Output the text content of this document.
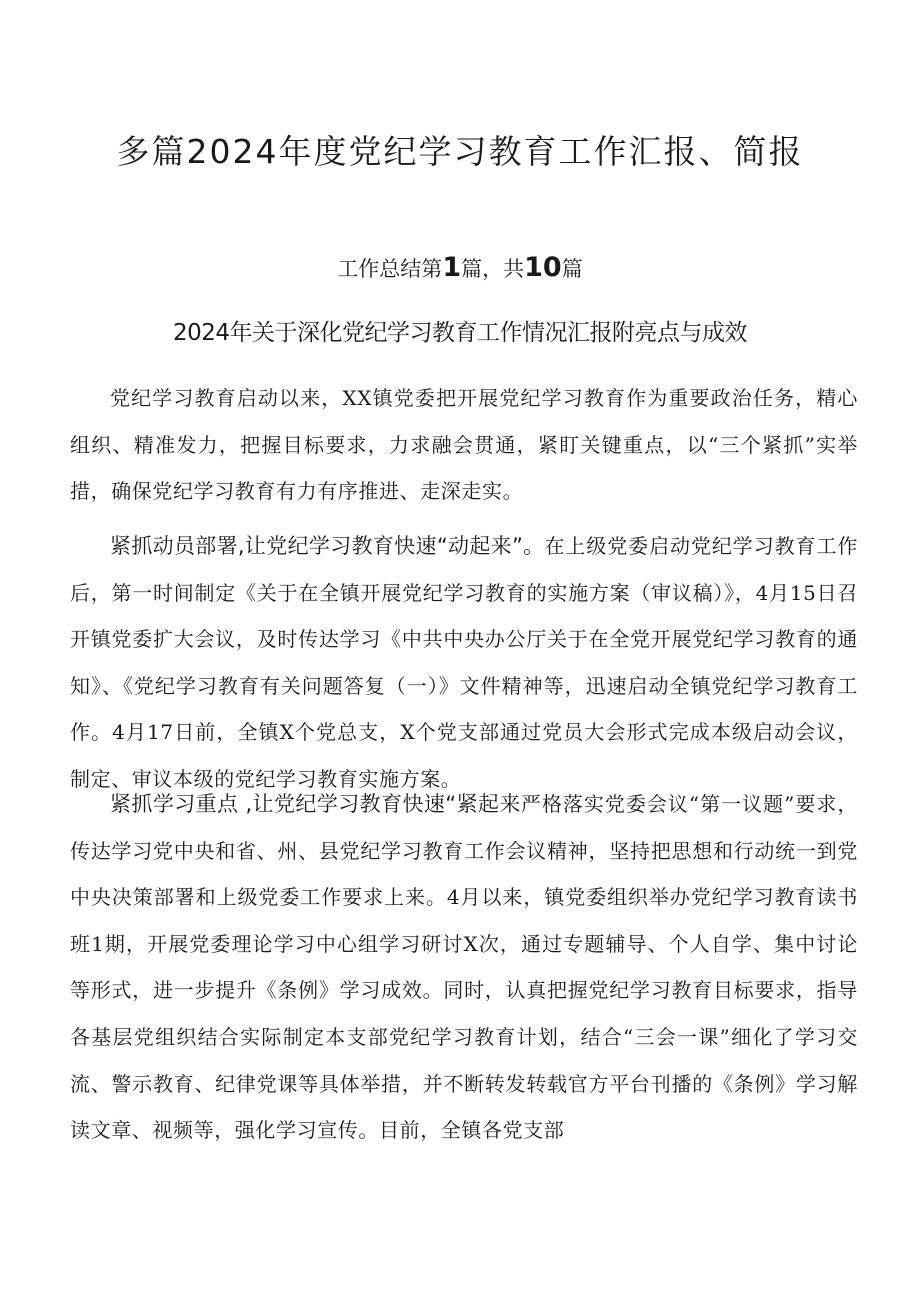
多篇2024年度党纪学习教育工作汇报、简报
工作总结第1篇，共10篇
2024年关于深化党纪学习教育工作情况汇报附亮点与成效

党纪学习教育启动以来，XX镇党委把开展党纪学习教育作为重要政治任务，精心组织、精准发力，把握目标要求，力求融会贯通，紧盯关键重点，以“三个紧抓”实举措，确保党纪学习教育有力有序推进、走深走实。

紧抓动员部署,让党纪学习教育快速“动起来”。在上级党委启动党纪学习教育工作后，第一时间制定《关于在全镇开展党纪学习教育的实施方案（审议稿）》，4月15日召开镇党委扩大会议，及时传达学习《中共中央办公厅关于在全党开展党纪学习教育的通知》、《党纪学习教育有关问题答复（一）》文件精神等，迅速启动全镇党纪学习教育工作。4月17日前，全镇X个党总支，X个党支部通过党员大会形式完成本级启动会议，制定、审议本级的党纪学习教育实施方案。

紧抓学习重点 ,让党纪学习教育快速“紧起来严格落实党委会议“第一议题”要求，传达学习党中央和省、州、县党纪学习教育工作会议精神，坚持把思想和行动统一到党中央决策部署和上级党委工作要求上来。4月以来，镇党委组织举办党纪学习教育读书班1期，开展党委理论学习中心组学习研讨X次，通过专题辅导、个人自学、集中讨论等形式，进一步提升《条例》学习成效。同时，认真把握党纪学习教育目标要求，指导各基层党组织结合实际制定本支部党纪学习教育计划，结合“三会一课”细化了学习交流、警示教育、纪律党课等具体举措，并不断转发转载官方平台刊播的《条例》学习解读文章、视频等，强化学习宣传。目前，全镇各党支部
